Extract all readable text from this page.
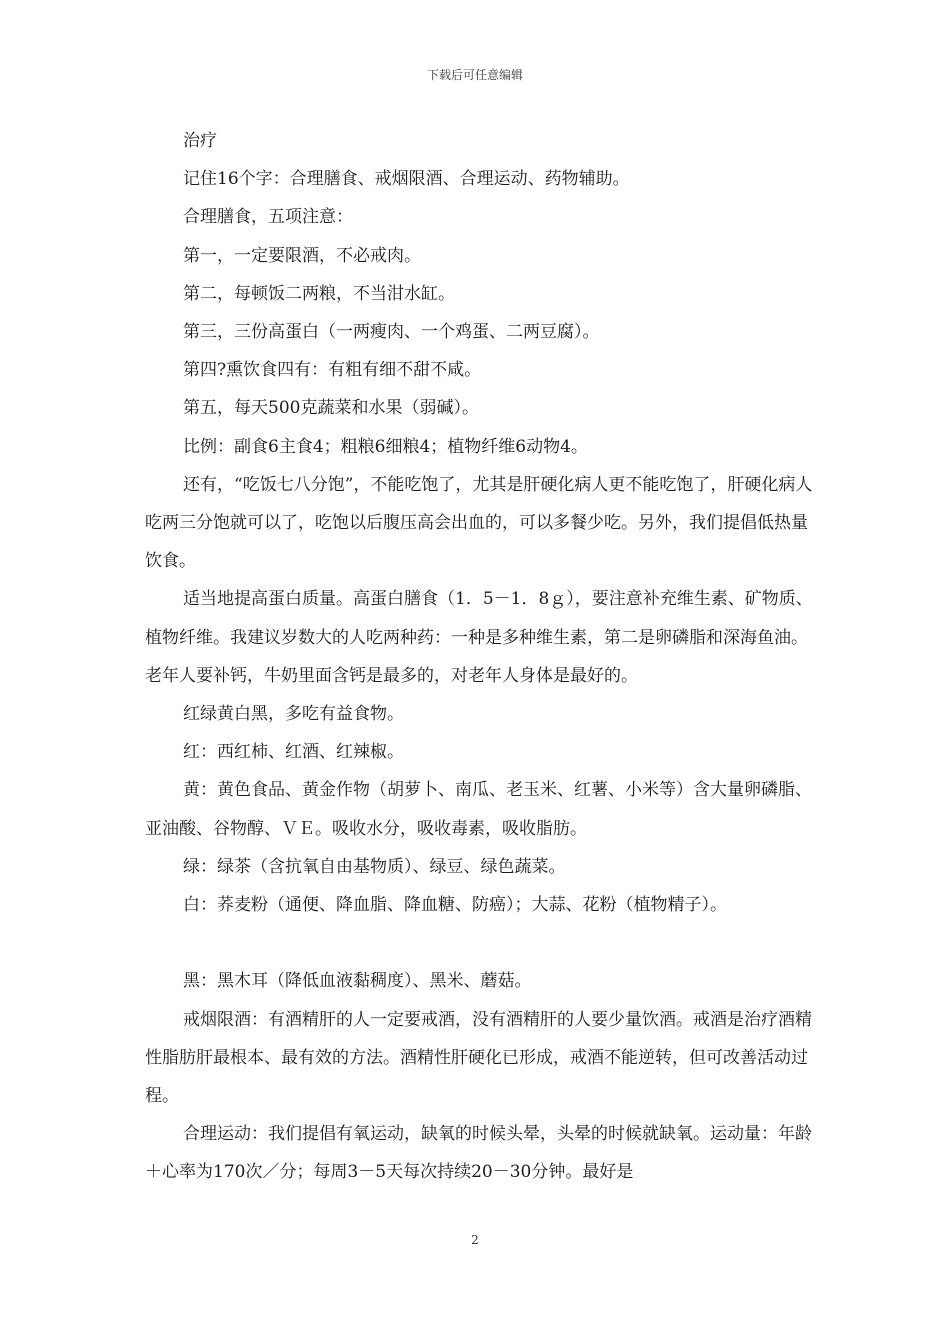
下载后可任意编辑

治疗

记住16个字：合理膳食、戒烟限酒、合理运动、药物辅助。

合理膳食，五项注意：

第一，一定要限酒，不必戒肉。

第二，每顿饭二两粮，不当泔水缸。

第三，三份高蛋白（一两瘦肉、一个鸡蛋、二两豆腐）。

第四?熏饮食四有：有粗有细不甜不咸。

第五，每天500克蔬菜和水果（弱碱）。

比例：副食6主食4；粗粮6细粮4；植物纤维6动物4。

还有，“吃饭七八分饱”，不能吃饱了，尤其是肝硬化病人更不能吃饱了，肝硬化病人吃两三分饱就可以了，吃饱以后腹压高会出血的，可以多餐少吃。另外，我们提倡低热量饮食。

适当地提高蛋白质量。高蛋白膳食（1．5－1．8ｇ），要注意补充维生素、矿物质、植物纤维。我建议岁数大的人吃两种药：一种是多种维生素，第二是卵磷脂和深海鱼油。老年人要补钙，牛奶里面含钙是最多的，对老年人身体是最好的。

红绿黄白黑，多吃有益食物。

红：西红柿、红酒、红辣椒。

黄：黄色食品、黄金作物（胡萝卜、南瓜、老玉米、红薯、小米等）含大量卵磷脂、亚油酸、谷物醇、ＶＥ。吸收水分，吸收毒素，吸收脂肪。

绿：绿茶（含抗氧自由基物质）、绿豆、绿色蔬菜。

白：荞麦粉（通便、降血脂、降血糖、防癌）；大蒜、花粉（植物精子）。

黑：黑木耳（降低血液黏稠度）、黑米、蘑菇。

戒烟限酒：有酒精肝的人一定要戒酒，没有酒精肝的人要少量饮酒。戒酒是治疗酒精性脂肪肝最根本、最有效的方法。酒精性肝硬化已形成，戒酒不能逆转，但可改善活动过程。

合理运动：我们提倡有氧运动，缺氧的时候头晕，头晕的时候就缺氧。运动量：年龄＋心率为170次／分；每周3－5天每次持续20－30分钟。最好是

2
